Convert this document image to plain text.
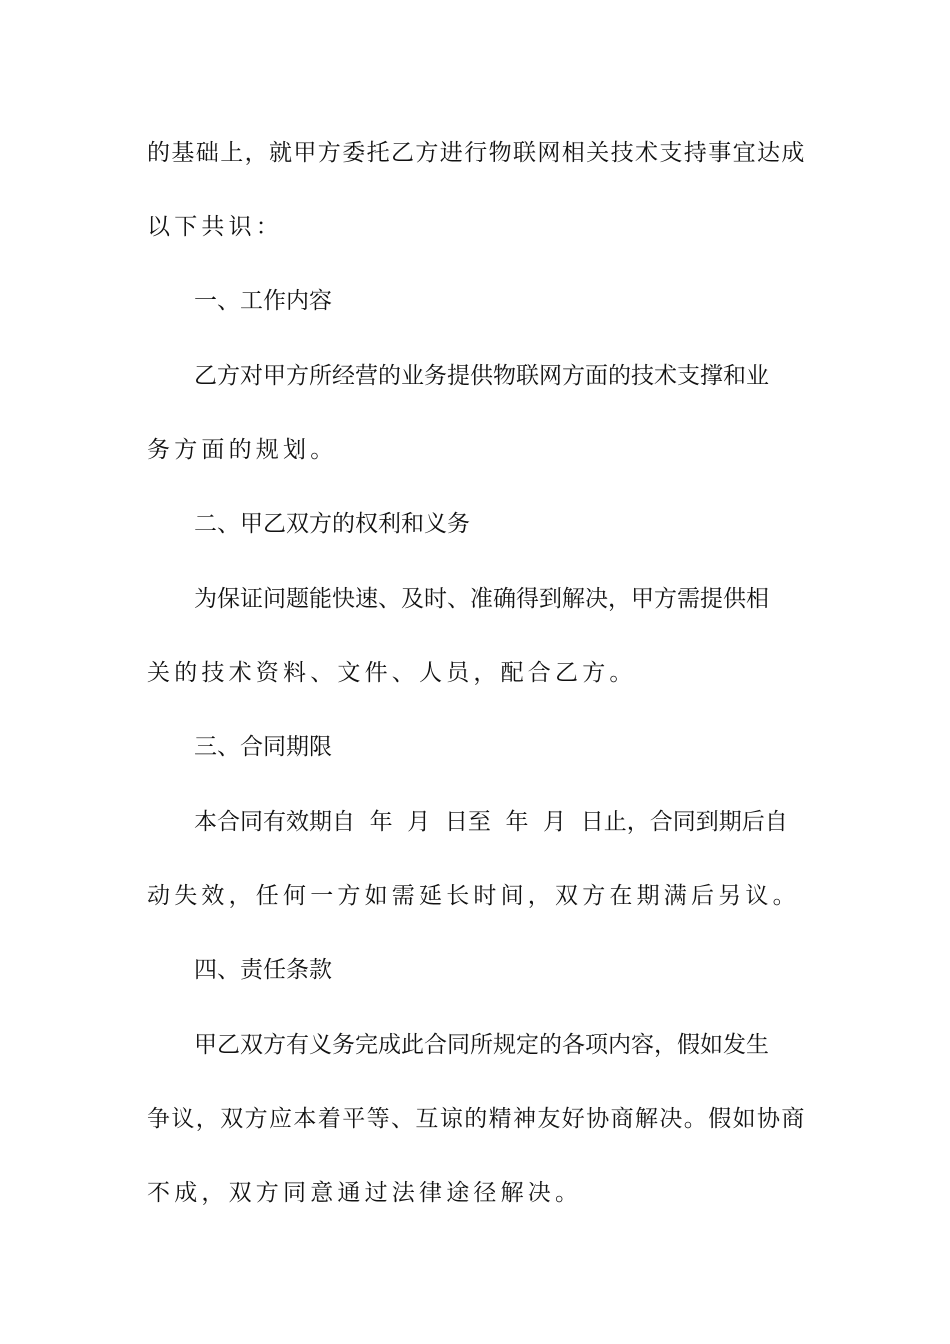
的基础上，就甲方委托乙方进行物联网相关技术支持事宜达成
以下共识：
一、工作内容
乙方对甲方所经营的业务提供物联网方面的技术支撑和业
务方面的规划。
二、甲乙双方的权利和义务
为保证问题能快速、及时、准确得到解决，甲方需提供相
关的技术资料、文件、人员，配合乙方。
三、合同期限
本合同有效期自  年  月  日至  年  月  日止，合同到期后自
动失效，任何一方如需延长时间，双方在期满后另议。
四、责任条款
甲乙双方有义务完成此合同所规定的各项内容，假如发生
争议，双方应本着平等、互谅的精神友好协商解决。假如协商
不成，双方同意通过法律途径解决。
